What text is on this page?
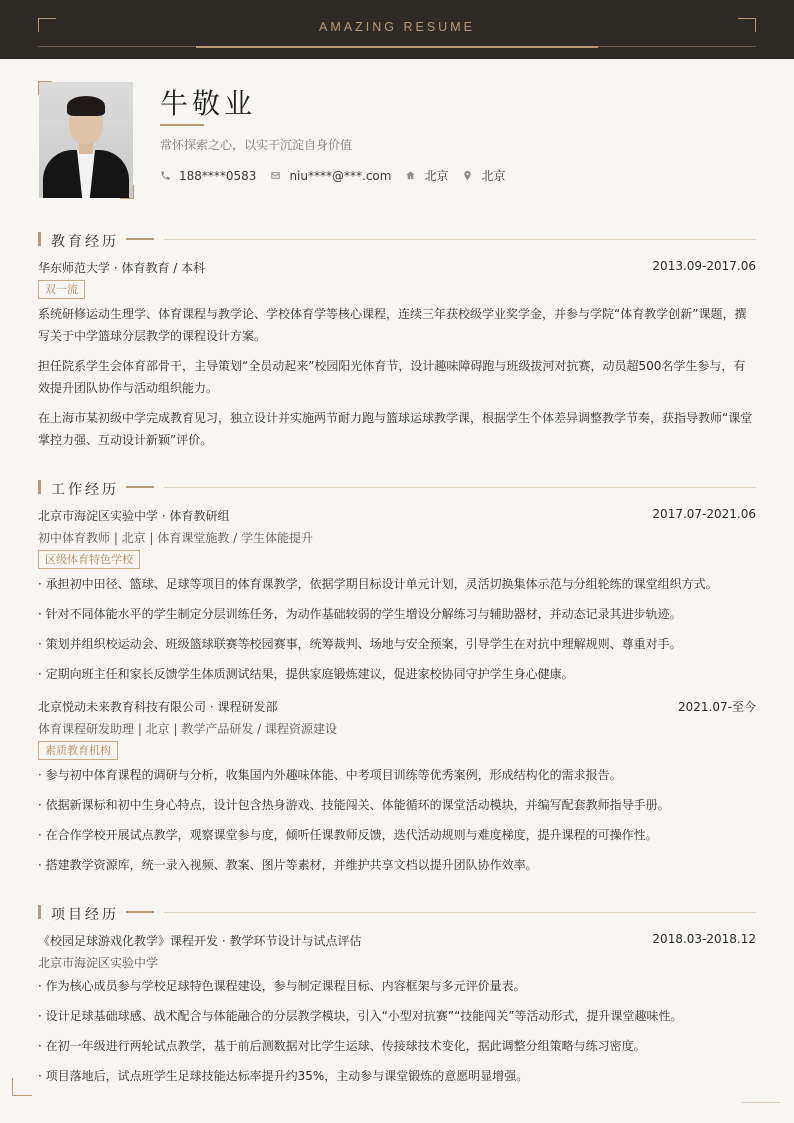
AMAZING RESUME
牛敬业
常怀探索之心，以实干沉淀自身价值
188****0583	niu****@***.com	北京	北京
教育经历
华东师范大学 · 体育教育 / 本科	2013.09-2017.06
双一流
系统研修运动生理学、体育课程与教学论、学校体育学等核心课程，连续三年获校级学业奖学金，并参与学院“体育教学创新”课题，撰写关于中学篮球分层教学的课程设计方案。
担任院系学生会体育部骨干，主导策划“全员动起来”校园阳光体育节，设计趣味障碍跑与班级拔河对抗赛，动员超500名学生参与，有效提升团队协作与活动组织能力。
在上海市某初级中学完成教育见习，独立设计并实施两节耐力跑与篮球运球教学课，根据学生个体差异调整教学节奏，获指导教师“课堂掌控力强、互动设计新颖”评价。
工作经历
北京市海淀区实验中学 · 体育教研组	2017.07-2021.06
初中体育教师 | 北京 | 体育课堂施教 / 学生体能提升
区级体育特色学校
· 承担初中田径、篮球、足球等项目的体育课教学，依据学期目标设计单元计划，灵活切换集体示范与分组轮练的课堂组织方式。
· 针对不同体能水平的学生制定分层训练任务，为动作基础较弱的学生增设分解练习与辅助器材，并动态记录其进步轨迹。
· 策划并组织校运动会、班级篮球联赛等校园赛事，统筹裁判、场地与安全预案，引导学生在对抗中理解规则、尊重对手。
· 定期向班主任和家长反馈学生体质测试结果，提供家庭锻炼建议，促进家校协同守护学生身心健康。
北京悦动未来教育科技有限公司 · 课程研发部	2021.07-至今
体育课程研发助理 | 北京 | 教学产品研发 / 课程资源建设
素质教育机构
· 参与初中体育课程的调研与分析，收集国内外趣味体能、中考项目训练等优秀案例，形成结构化的需求报告。
· 依据新课标和初中生身心特点，设计包含热身游戏、技能闯关、体能循环的课堂活动模块，并编写配套教师指导手册。
· 在合作学校开展试点教学，观察课堂参与度，倾听任课教师反馈，迭代活动规则与难度梯度，提升课程的可操作性。
· 搭建教学资源库，统一录入视频、教案、图片等素材，并维护共享文档以提升团队协作效率。
项目经历
《校园足球游戏化教学》课程开发 · 教学环节设计与试点评估	2018.03-2018.12
北京市海淀区实验中学
· 作为核心成员参与学校足球特色课程建设，参与制定课程目标、内容框架与多元评价量表。
· 设计足球基础球感、战术配合与体能融合的分层教学模块，引入“小型对抗赛”“技能闯关”等活动形式，提升课堂趣味性。
· 在初一年级进行两轮试点教学，基于前后测数据对比学生运球、传接球技术变化，据此调整分组策略与练习密度。
· 项目落地后，试点班学生足球技能达标率提升约35%，主动参与课堂锻炼的意愿明显增强。
